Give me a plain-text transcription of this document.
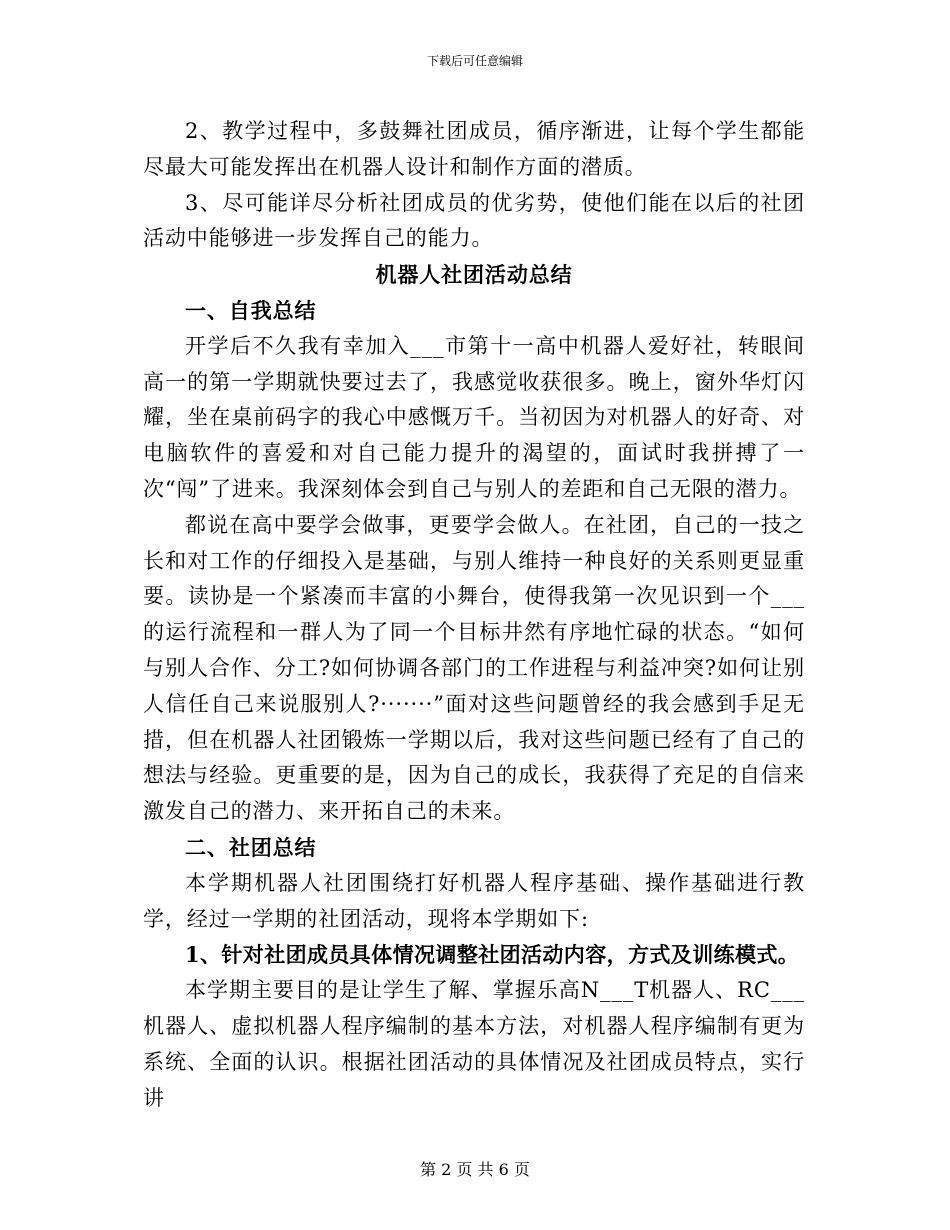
下载后可任意编辑

2、教学过程中，多鼓舞社团成员，循序渐进，让每个学生都能尽最大可能发挥出在机器人设计和制作方面的潜质。

3、尽可能详尽分析社团成员的优劣势，使他们能在以后的社团活动中能够进一步发挥自己的能力。

机器人社团活动总结

一、自我总结

开学后不久我有幸加入___市第十一高中机器人爱好社，转眼间高一的第一学期就快要过去了，我感觉收获很多。晚上，窗外华灯闪耀，坐在桌前码字的我心中感慨万千。当初因为对机器人的好奇、对电脑软件的喜爱和对自己能力提升的渴望的，面试时我拼搏了一次“闯”了进来。我深刻体会到自己与别人的差距和自己无限的潜力。

都说在高中要学会做事，更要学会做人。在社团，自己的一技之长和对工作的仔细投入是基础，与别人维持一种良好的关系则更显重要。读协是一个紧凑而丰富的小舞台，使得我第一次见识到一个___的运行流程和一群人为了同一个目标井然有序地忙碌的状态。“如何与别人合作、分工?如何协调各部门的工作进程与利益冲突?如何让别人信任自己来说服别人?·······”面对这些问题曾经的我会感到手足无措，但在机器人社团锻炼一学期以后，我对这些问题已经有了自己的想法与经验。更重要的是，因为自己的成长，我获得了充足的自信来激发自己的潜力、来开拓自己的未来。

二、社团总结

本学期机器人社团围绕打好机器人程序基础、操作基础进行教学，经过一学期的社团活动，现将本学期如下:

1、针对社团成员具体情况调整社团活动内容，方式及训练模式。

本学期主要目的是让学生了解、掌握乐高N___T机器人、RC___机器人、虚拟机器人程序编制的基本方法，对机器人程序编制有更为系统、全面的认识。根据社团活动的具体情况及社团成员特点，实行讲

第 2 页 共 6 页
